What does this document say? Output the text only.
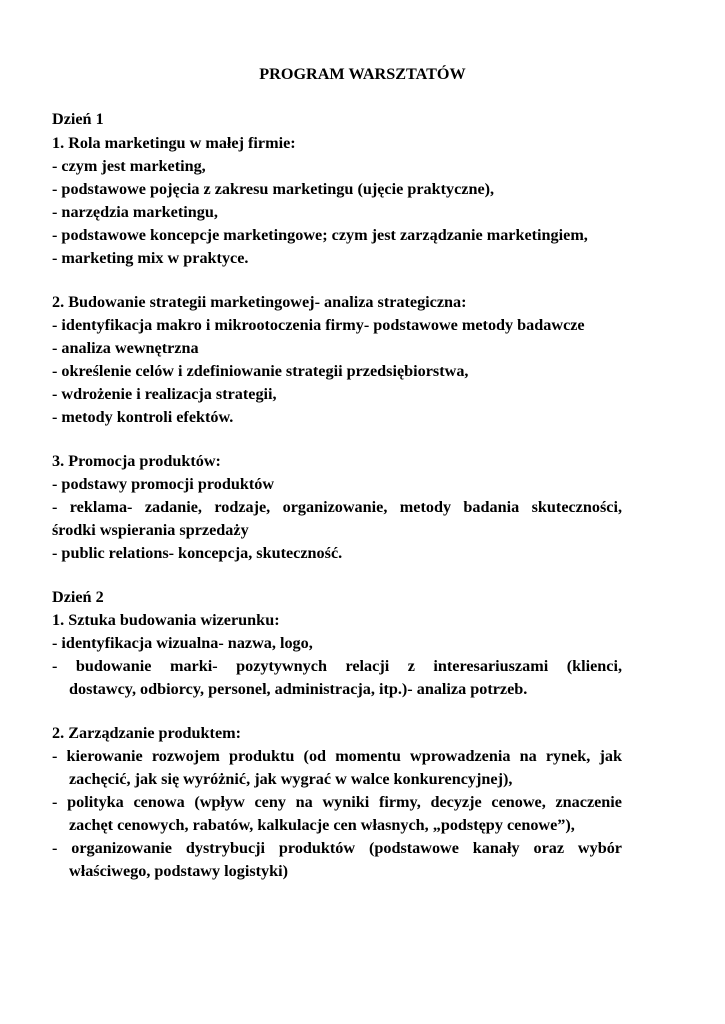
PROGRAM WARSZTATÓW
Dzień 1
1. Rola marketingu w małej firmie:
- czym jest marketing,
- podstawowe pojęcia z zakresu marketingu (ujęcie praktyczne),
- narzędzia marketingu,
- podstawowe koncepcje marketingowe; czym jest zarządzanie marketingiem,
- marketing mix w praktyce.
2. Budowanie strategii marketingowej- analiza strategiczna:
- identyfikacja makro i mikrootoczenia firmy- podstawowe metody badawcze
- analiza wewnętrzna
- określenie celów i zdefiniowanie strategii przedsiębiorstwa,
- wdrożenie i realizacja strategii,
- metody kontroli efektów.
3. Promocja produktów:
- podstawy promocji produktów
- reklama- zadanie, rodzaje, organizowanie, metody badania skuteczności,
środki wspierania sprzedaży
- public relations- koncepcja, skuteczność.
Dzień 2
1. Sztuka budowania wizerunku:
- identyfikacja wizualna- nazwa, logo,
- budowanie marki- pozytywnych relacji z interesariuszami (klienci,
dostawcy, odbiorcy, personel, administracja, itp.)- analiza potrzeb.
2. Zarządzanie produktem:
- kierowanie rozwojem produktu (od momentu wprowadzenia na rynek, jak
zachęcić, jak się wyróżnić, jak wygrać w walce konkurencyjnej),
- polityka cenowa (wpływ ceny na wyniki firmy, decyzje cenowe, znaczenie
zachęt cenowych, rabatów, kalkulacje cen własnych, „podstępy cenowe”),
- organizowanie dystrybucji produktów (podstawowe kanały oraz wybór
właściwego, podstawy logistyki)
